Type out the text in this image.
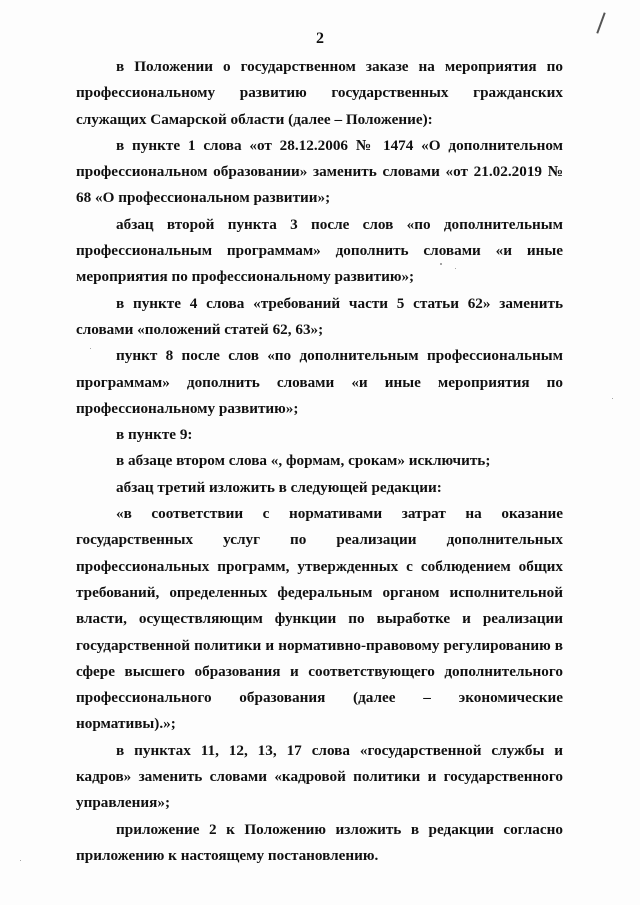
2

в Положении о государственном заказе на мероприятия по профессиональному развитию государственных гражданских служащих Самарской области (далее – Положение):

в пункте 1 слова «от 28.12.2006 № 1474 «О дополнительном профессиональном образовании» заменить словами «от 21.02.2019 № 68 «О профессиональном развитии»;

абзац второй пункта 3 после слов «по дополнительным профессиональным программам» дополнить словами «и иные мероприятия по профессиональному развитию»;

в пункте 4 слова «требований части 5 статьи 62» заменить словами «положений статей 62, 63»;

пункт 8 после слов «по дополнительным профессиональным программам» дополнить словами «и иные мероприятия по профессиональному развитию»;

в пункте 9:

в абзаце втором слова «, формам, срокам» исключить;

абзац третий изложить в следующей редакции:

«в соответствии с нормативами затрат на оказание государственных услуг по реализации дополнительных профессиональных программ, утвержденных с соблюдением общих требований, определенных федеральным органом исполнительной власти, осуществляющим функции по выработке и реализации государственной политики и нормативно-правовому регулированию в сфере высшего образования и соответствующего дополнительного профессионального образования (далее – экономические нормативы).»;

в пунктах 11, 12, 13, 17 слова «государственной службы и кадров» заменить словами «кадровой политики и государственного управления»;

приложение 2 к Положению изложить в редакции согласно приложению к настоящему постановлению.
